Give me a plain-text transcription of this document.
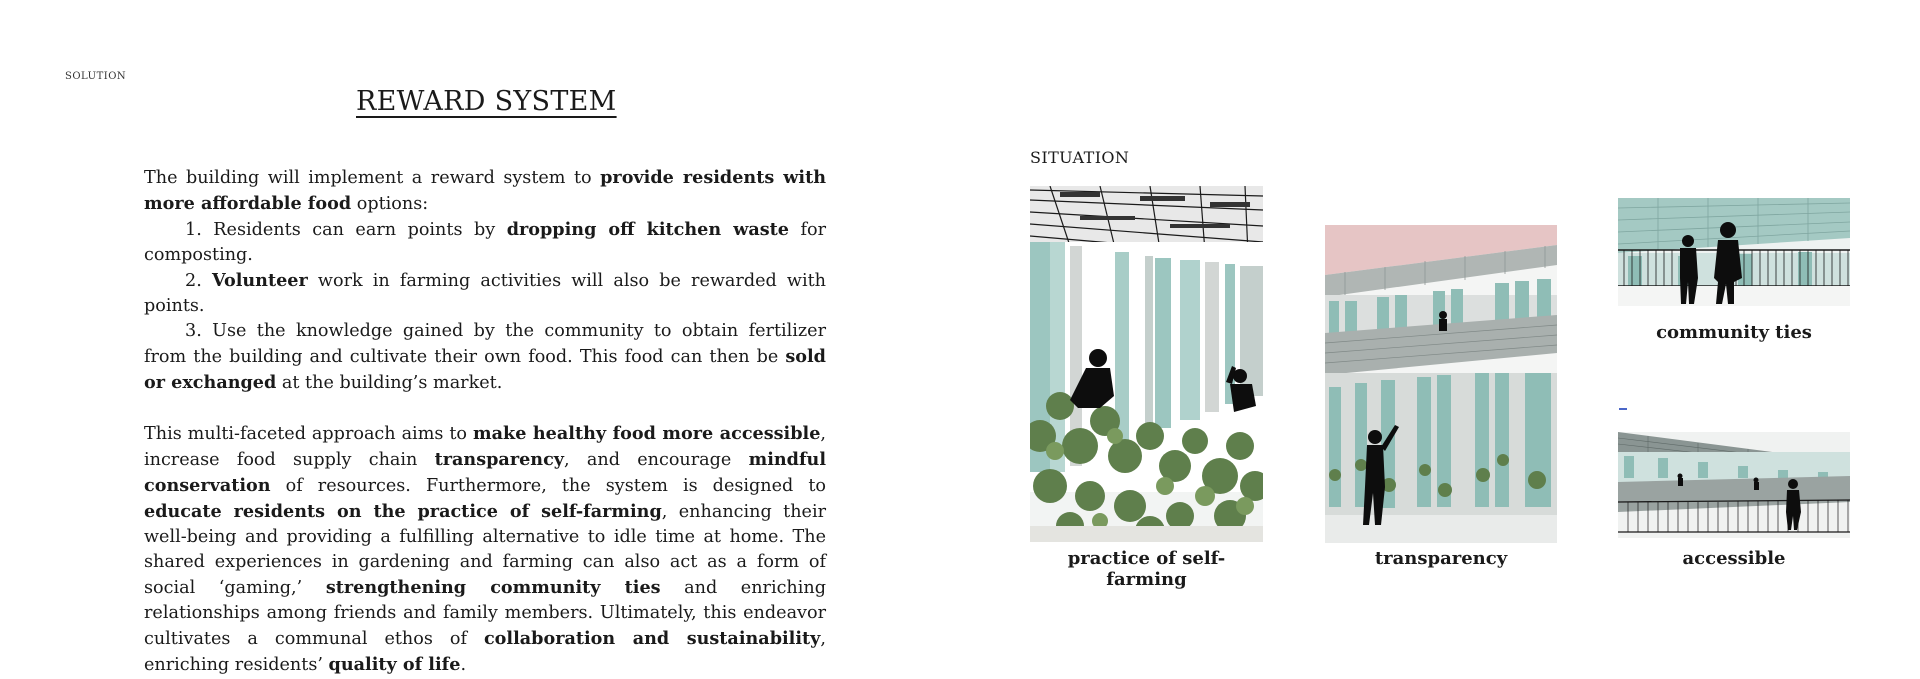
SOLUTION
REWARD SYSTEM

The building will implement a reward system to provide residents with more affordable food options:

1. Residents can earn points by dropping off kitchen waste for composting.

2. Volunteer work in farming activities will also be rewarded with points.

3. Use the knowledge gained by the community to obtain fertilizer from the building and cultivate their own food. This food can then be sold or exchanged at the building’s market.

This multi-faceted approach aims to make healthy food more accessible, increase food supply chain transparency, and encourage mindful conservation of resources. Furthermore, the system is designed to educate residents on the practice of self-farming, enhancing their well-being and providing a fulfilling alternative to idle time at home. The shared experiences in gardening and farming can also act as a form of social ‘gaming,’ strengthening community ties and enriching relationships among friends and family members. Ultimately, this endeavor cultivates a communal ethos of collaboration and sustainability, enriching residents’ quality of life.

SITUATION
practice of self-farming
transparency
community ties
accessible
